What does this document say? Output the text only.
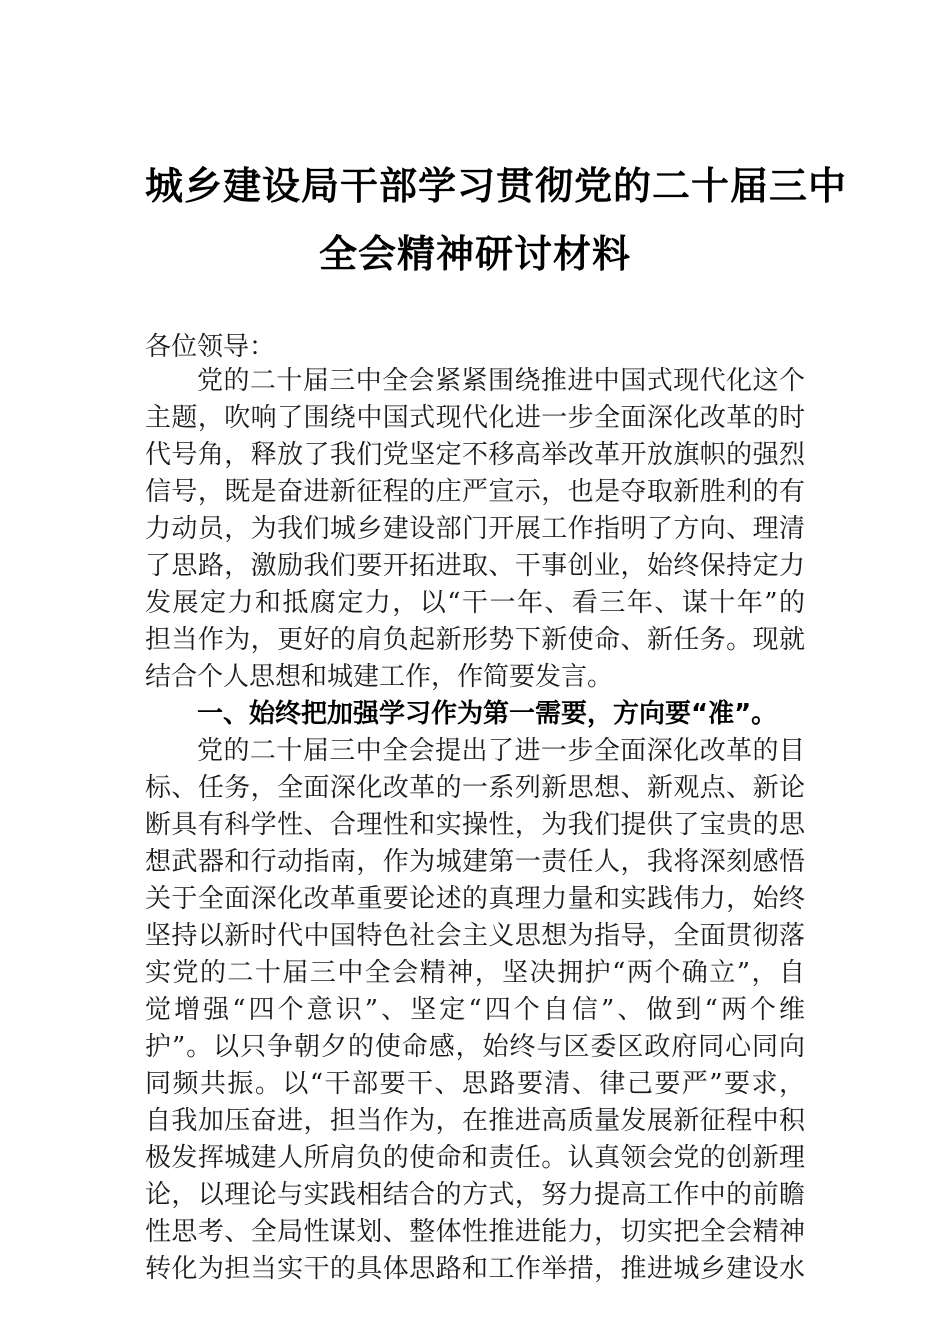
城乡建设局干部学习贯彻党的二十届三中
全会精神研讨材料
各位领导：
党的二十届三中全会紧紧围绕推进中国式现代化这个
主题，吹响了围绕中国式现代化进一步全面深化改革的时
代号角，释放了我们党坚定不移高举改革开放旗帜的强烈
信号，既是奋进新征程的庄严宣示，也是夺取新胜利的有
力动员，为我们城乡建设部门开展工作指明了方向、理清
了思路，激励我们要开拓进取、干事创业，始终保持定力
发展定力和抵腐定力，以“干一年、看三年、谋十年”的
担当作为，更好的肩负起新形势下新使命、新任务。现就
结合个人思想和城建工作，作简要发言。
一、始终把加强学习作为第一需要，方向要“准”。
党的二十届三中全会提出了进一步全面深化改革的目
标、任务，全面深化改革的一系列新思想、新观点、新论
断具有科学性、合理性和实操性，为我们提供了宝贵的思
想武器和行动指南，作为城建第一责任人，我将深刻感悟
关于全面深化改革重要论述的真理力量和实践伟力，始终
坚持以新时代中国特色社会主义思想为指导，全面贯彻落
实党的二十届三中全会精神，坚决拥护“两个确立”，自
觉增强“四个意识”、坚定“四个自信”、做到“两个维
护”。以只争朝夕的使命感，始终与区委区政府同心同向
同频共振。以“干部要干、思路要清、律己要严”要求，
自我加压奋进，担当作为，在推进高质量发展新征程中积
极发挥城建人所肩负的使命和责任。认真领会党的创新理
论，以理论与实践相结合的方式，努力提高工作中的前瞻
性思考、全局性谋划、整体性推进能力，切实把全会精神
转化为担当实干的具体思路和工作举措，推进城乡建设水
